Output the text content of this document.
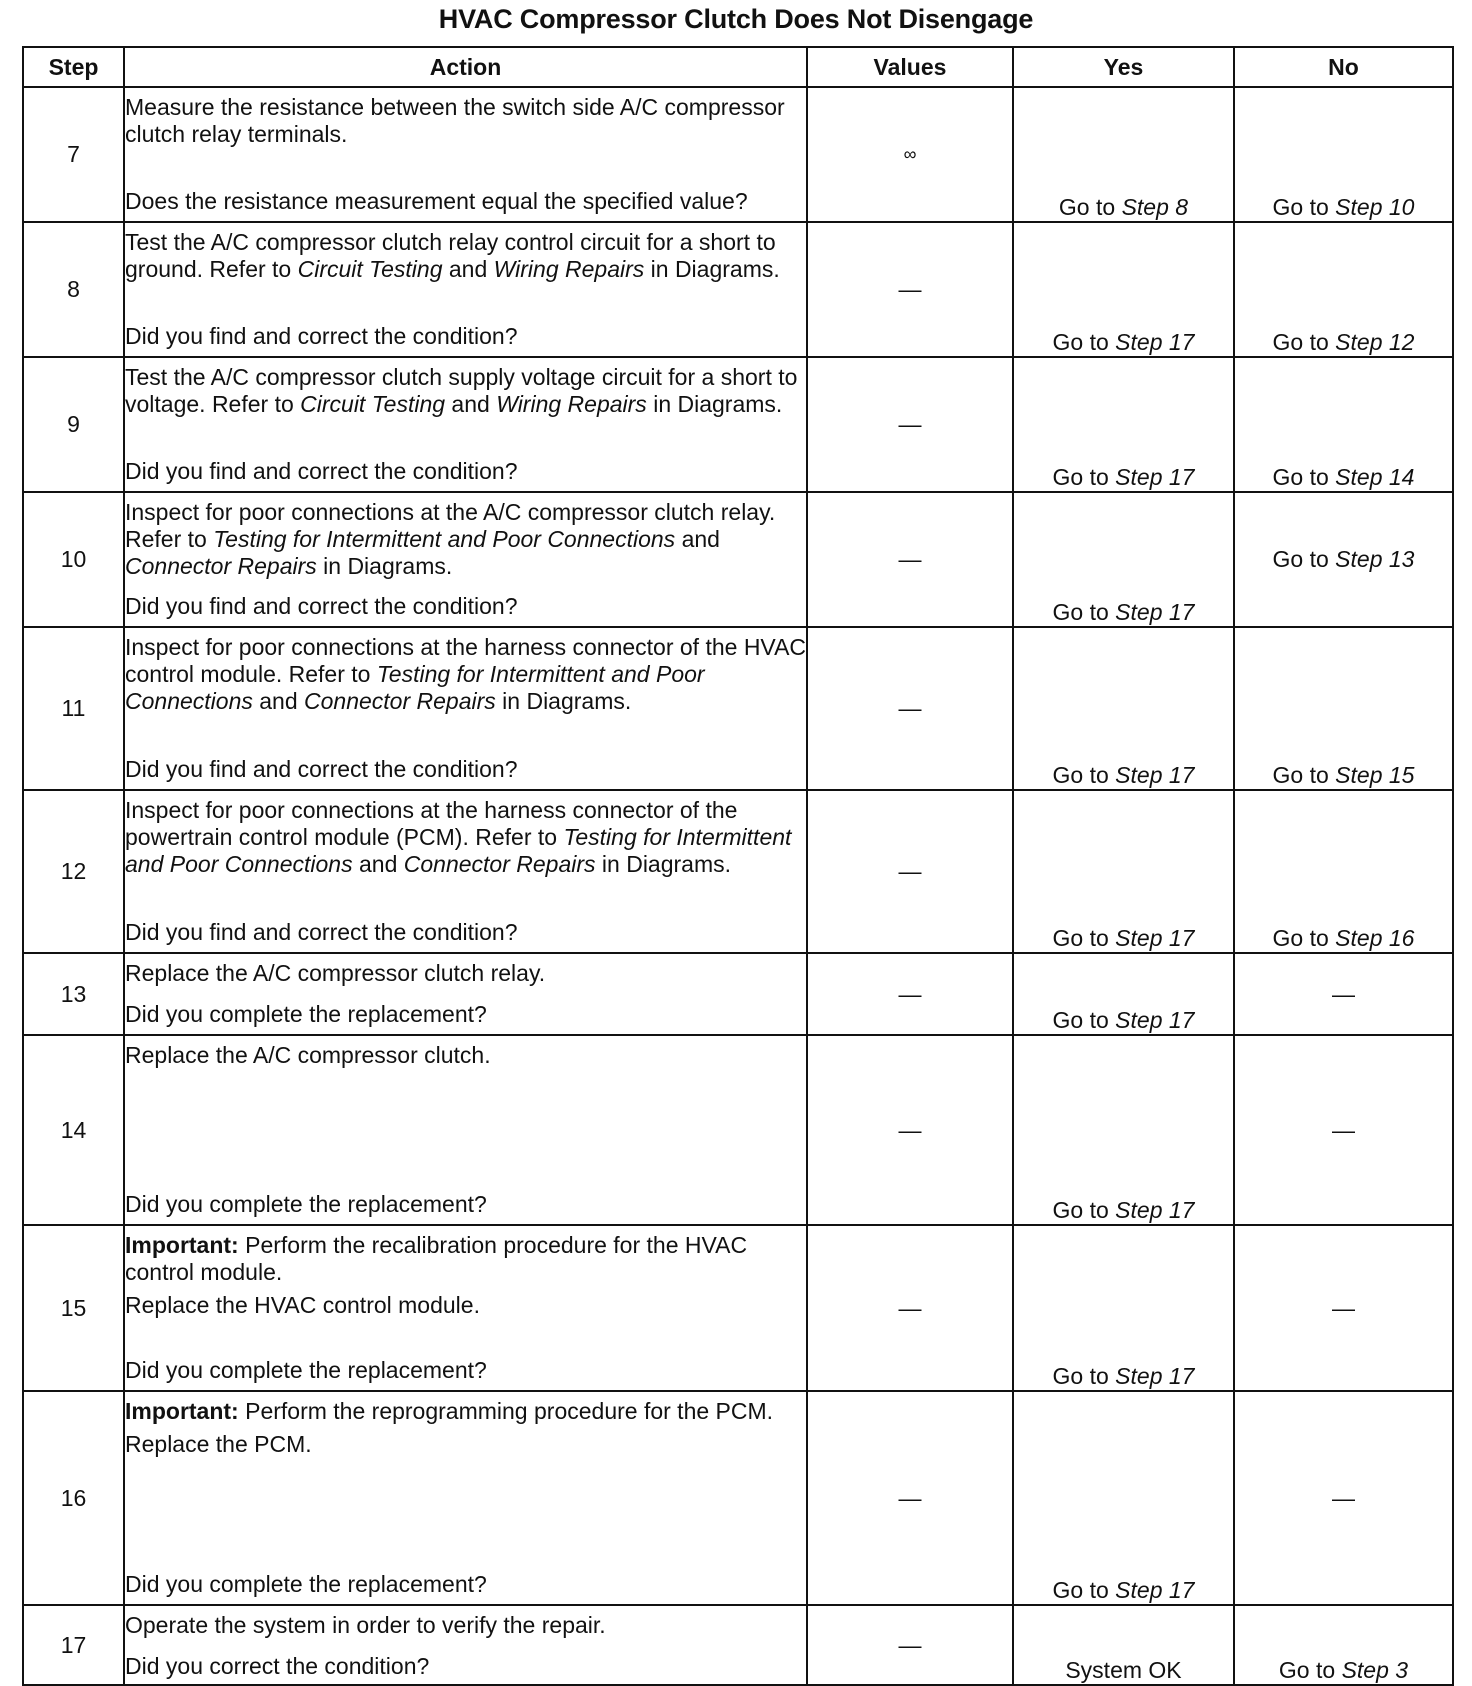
HVAC Compressor Clutch Does Not Disengage
Step	Action	Values	Yes	No
7	Measure the resistance between the switch side A/C compressor clutch relay terminals.

Does the resistance measurement equal the specified value?	∞	Go to Step 8	Go to Step 10
8	Test the A/C compressor clutch relay control circuit for a short to ground. Refer to Circuit Testing and Wiring Repairs in Diagrams.

Did you find and correct the condition?	—	Go to Step 17	Go to Step 12
9	Test the A/C compressor clutch supply voltage circuit for a short to voltage. Refer to Circuit Testing and Wiring Repairs in Diagrams.

Did you find and correct the condition?	—	Go to Step 17	Go to Step 14
10	Inspect for poor connections at the A/C compressor clutch relay. Refer to Testing for Intermittent and Poor Connections and Connector Repairs in Diagrams.

Did you find and correct the condition?	—	Go to Step 17	Go to Step 13
11	Inspect for poor connections at the harness connector of the HVAC control module. Refer to Testing for Intermittent and Poor Connections and Connector Repairs in Diagrams.

Did you find and correct the condition?	—	Go to Step 17	Go to Step 15
12	Inspect for poor connections at the harness connector of the powertrain control module (PCM). Refer to Testing for Intermittent and Poor Connections and Connector Repairs in Diagrams.

Did you find and correct the condition?	—	Go to Step 17	Go to Step 16
13	Replace the A/C compressor clutch relay.

Did you complete the replacement?	—	Go to Step 17	—
14	Replace the A/C compressor clutch.

Did you complete the replacement?	—	Go to Step 17	—
15	Important: Perform the recalibration procedure for the HVAC control module.

Replace the HVAC control module.

Did you complete the replacement?	—	Go to Step 17	—
16	Important: Perform the reprogramming procedure for the PCM.

Replace the PCM.

Did you complete the replacement?	—	Go to Step 17	—
17	Operate the system in order to verify the repair.

Did you correct the condition?	—	System OK	Go to Step 3
